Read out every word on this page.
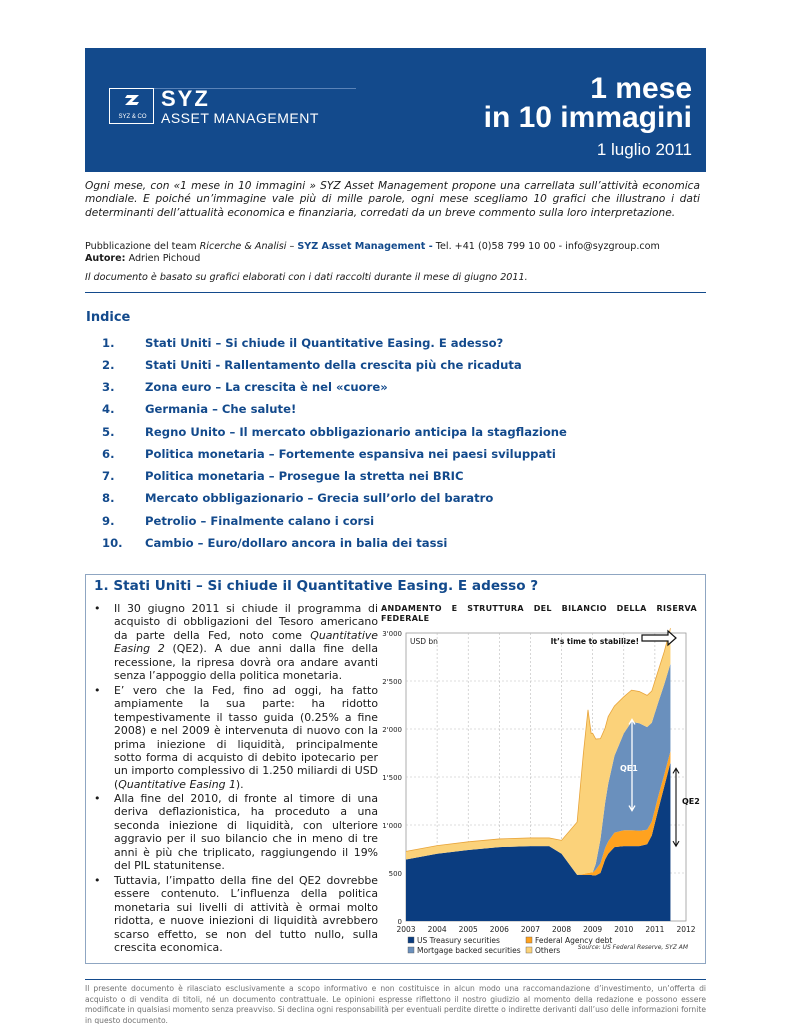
SYZ & CO
SYZ
ASSET MANAGEMENT
1 mese
in 10 immagini
1 luglio 2011
Ogni mese, con «1 mese in 10 immagini » SYZ Asset Management propone una carrellata sull’attività economica mondiale. E poiché un’immagine vale più di mille parole, ogni mese scegliamo 10 grafici che illustrano i dati determinanti dell’attualità economica e finanziaria, corredati da un breve commento sulla loro interpretazione.
Pubblicazione del team Ricerche & Analisi – SYZ Asset Management - Tel. +41 (0)58 799 10 00 - info@syzgroup.com
Autore: Adrien Pichoud
Il documento è basato su grafici elaborati con i dati raccolti durante il mese di giugno 2011.
Indice
1.	Stati Uniti – Si chiude il Quantitative Easing. E adesso?
2.	Stati Uniti - Rallentamento della crescita più che ricaduta
3.	Zona euro – La crescita è nel «cuore»
4.	Germania – Che salute!
5.	Regno Unito – Il mercato obbligazionario anticipa la stagflazione
6.	Politica monetaria – Fortemente espansiva nei paesi sviluppati
7.	Politica monetaria – Prosegue la stretta nei BRIC
8.	Mercato obbligazionario – Grecia sull’orlo del baratro
9.	Petrolio – Finalmente calano i corsi
10.	Cambio – Euro/dollaro ancora in balia dei tassi
1. Stati Uniti – Si chiude il Quantitative Easing. E adesso ?
• Il 30 giugno 2011 si chiude il programma di acquisto di obbligazioni del Tesoro americano da parte della Fed, noto come Quantitative Easing 2 (QE2). A due anni dalla fine della recessione, la ripresa dovrà ora andare avanti senza l’appoggio della politica monetaria.
• E’ vero che la Fed, fino ad oggi, ha fatto ampiamente la sua parte: ha ridotto tempestivamente il tasso guida (0.25% a fine 2008) e nel 2009 è intervenuta di nuovo con la prima iniezione di liquidità, principalmente sotto forma di acquisto di debito ipotecario per un importo complessivo di 1.250 miliardi di USD (Quantitative Easing 1).
• Alla fine del 2010, di fronte al timore di una deriva deflazionistica, ha proceduto a una seconda iniezione di liquidità, con ulteriore aggravio per il suo bilancio che in meno di tre anni è più che triplicato, raggiungendo il 19% del PIL statunitense.
• Tuttavia, l’impatto della fine del QE2 dovrebbe essere contenuto. L’influenza della politica monetaria sui livelli di attività è ormai molto ridotta, e nuove iniezioni di liquidità avrebbero scarso effetto, se non del tutto nullo, sulla crescita economica.
ANDAMENTO E STRUTTURA DEL BILANCIO DELLA RISERVA FEDERALE
0
500
1'000
1'500
2'000
2'500
3'000
2003 2004 2005 2006 2007 2008 2009 2010 2011 2012
USD bn	It’s time to stabilize!
QE1
QE2
US Treasury securities	Federal Agency debt
Mortgage backed securities Others	Source: US Federal Reserve, SYZ AM
Il presente documento è rilasciato esclusivamente a scopo informativo e non costituisce in alcun modo una raccomandazione d’investimento, un’offerta di acquisto o di vendita di titoli, né un documento contrattuale. Le opinioni espresse riflettono il nostro giudizio al momento della redazione e possono essere modificate in qualsiasi momento senza preavviso. Si declina ogni responsabilità per eventuali perdite dirette o indirette derivanti dall’uso delle informazioni fornite in questo documento.
